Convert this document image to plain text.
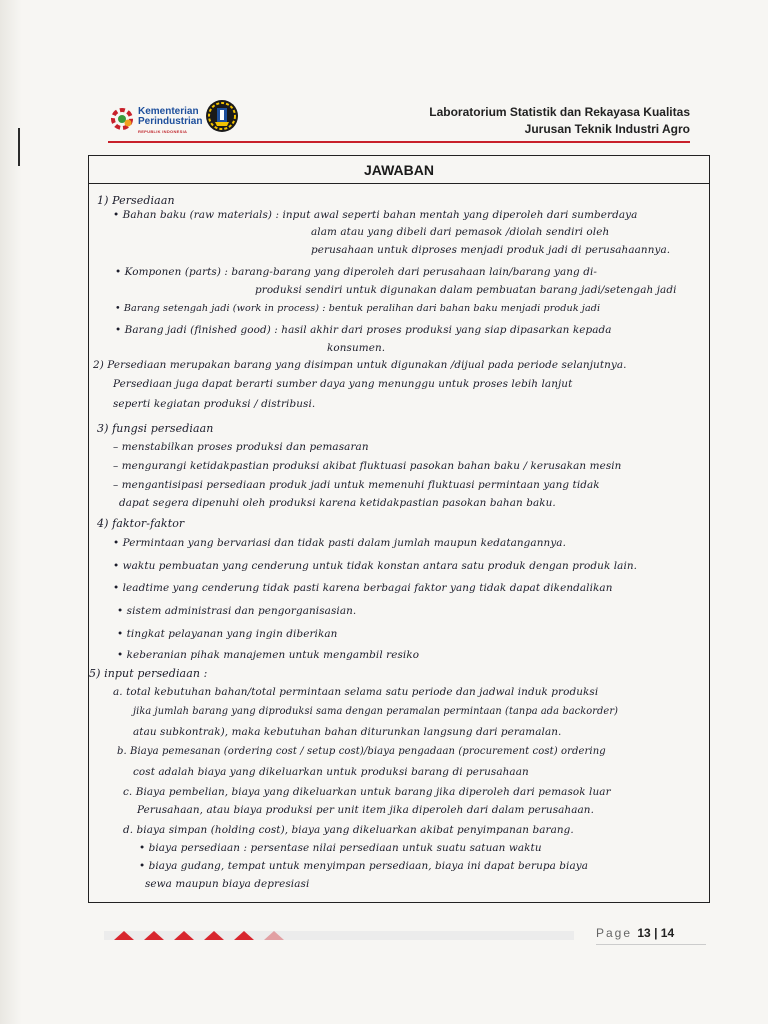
Kementerian
Perindustrian
REPUBLIK INDONESIA
Laboratorium Statistik dan Rekayasa Kualitas
Jurusan Teknik Industri Agro
JAWABAN
1) Persediaan
• Bahan baku (raw materials) : input awal seperti bahan mentah yang diperoleh dari sumberdaya
alam atau yang dibeli dari pemasok /diolah sendiri oleh
perusahaan untuk diproses menjadi produk jadi di perusahaannya.
• Komponen (parts) : barang-barang yang diperoleh dari perusahaan lain/barang yang di-
produksi sendiri untuk digunakan dalam pembuatan barang jadi/setengah jadi
• Barang setengah jadi (work in process) : bentuk peralihan dari bahan baku menjadi produk jadi
• Barang jadi (finished good) : hasil akhir dari proses produksi yang siap dipasarkan kepada
konsumen.
2) Persediaan merupakan barang yang disimpan untuk digunakan /dijual pada periode selanjutnya.
Persediaan juga dapat berarti sumber daya yang menunggu untuk proses lebih lanjut
seperti kegiatan produksi / distribusi.
3) fungsi persediaan
– menstabilkan proses produksi dan pemasaran
– mengurangi ketidakpastian produksi akibat fluktuasi pasokan bahan baku / kerusakan mesin
– mengantisipasi persediaan produk jadi untuk memenuhi fluktuasi permintaan yang tidak
dapat segera dipenuhi oleh produksi karena ketidakpastian pasokan bahan baku.
4) faktor-faktor
• Permintaan yang bervariasi dan tidak pasti dalam jumlah maupun kedatangannya.
• waktu pembuatan yang cenderung untuk tidak konstan antara satu produk dengan produk lain.
• leadtime yang cenderung tidak pasti karena berbagai faktor yang tidak dapat dikendalikan
• sistem administrasi dan pengorganisasian.
• tingkat pelayanan yang ingin diberikan
• keberanian pihak manajemen untuk mengambil resiko
5) input persediaan :
a. total kebutuhan bahan/total permintaan selama satu periode dan jadwal induk produksi
jika jumlah barang yang diproduksi sama dengan peramalan permintaan (tanpa ada backorder)
atau subkontrak), maka kebutuhan bahan diturunkan langsung dari peramalan.
b. Biaya pemesanan (ordering cost / setup cost)/biaya pengadaan (procurement cost) ordering
cost adalah biaya yang dikeluarkan untuk produksi barang di perusahaan
c. Biaya pembelian, biaya yang dikeluarkan untuk barang jika diperoleh dari pemasok luar
Perusahaan, atau biaya produksi per unit item jika diperoleh dari dalam perusahaan.
d. biaya simpan (holding cost), biaya yang dikeluarkan akibat penyimpanan barang.
• biaya persediaan : persentase nilai persediaan untuk suatu satuan waktu
• biaya gudang, tempat untuk menyimpan persediaan, biaya ini dapat berupa biaya
sewa maupun biaya depresiasi
Page 13 | 14
